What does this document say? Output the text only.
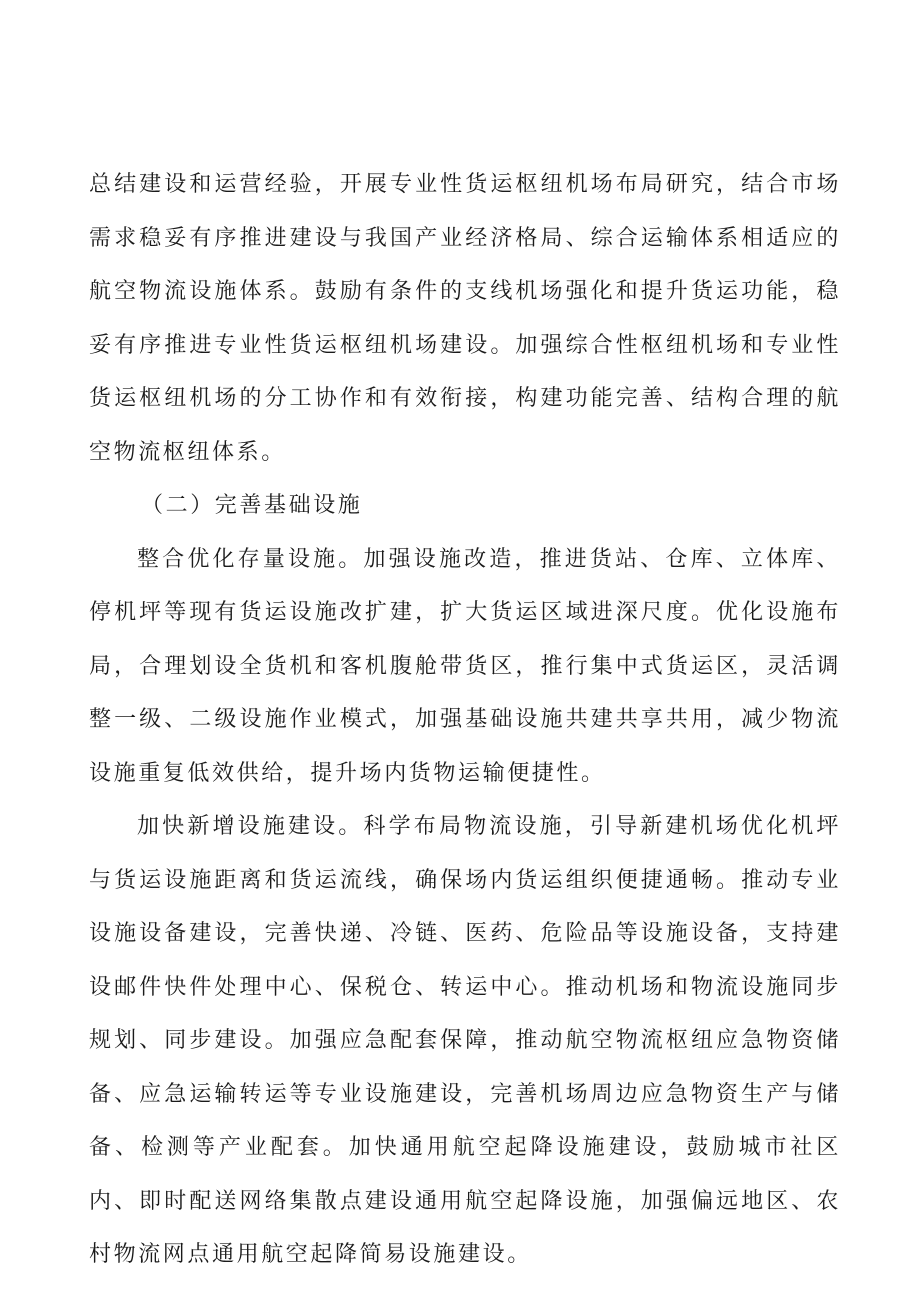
总结建设和运营经验，开展专业性货运枢纽机场布局研究，结合市场需求稳妥有序推进建设与我国产业经济格局、综合运输体系相适应的航空物流设施体系。鼓励有条件的支线机场强化和提升货运功能，稳妥有序推进专业性货运枢纽机场建设。加强综合性枢纽机场和专业性货运枢纽机场的分工协作和有效衔接，构建功能完善、结构合理的航空物流枢纽体系。

（二）完善基础设施

整合优化存量设施。加强设施改造，推进货站、仓库、立体库、停机坪等现有货运设施改扩建，扩大货运区域进深尺度。优化设施布局，合理划设全货机和客机腹舱带货区，推行集中式货运区，灵活调整一级、二级设施作业模式，加强基础设施共建共享共用，减少物流设施重复低效供给，提升场内货物运输便捷性。

加快新增设施建设。科学布局物流设施，引导新建机场优化机坪与货运设施距离和货运流线，确保场内货运组织便捷通畅。推动专业设施设备建设，完善快递、冷链、医药、危险品等设施设备，支持建设邮件快件处理中心、保税仓、转运中心。推动机场和物流设施同步规划、同步建设。加强应急配套保障，推动航空物流枢纽应急物资储备、应急运输转运等专业设施建设，完善机场周边应急物资生产与储备、检测等产业配套。加快通用航空起降设施建设，鼓励城市社区内、即时配送网络集散点建设通用航空起降设施，加强偏远地区、农村物流网点通用航空起降简易设施建设。
